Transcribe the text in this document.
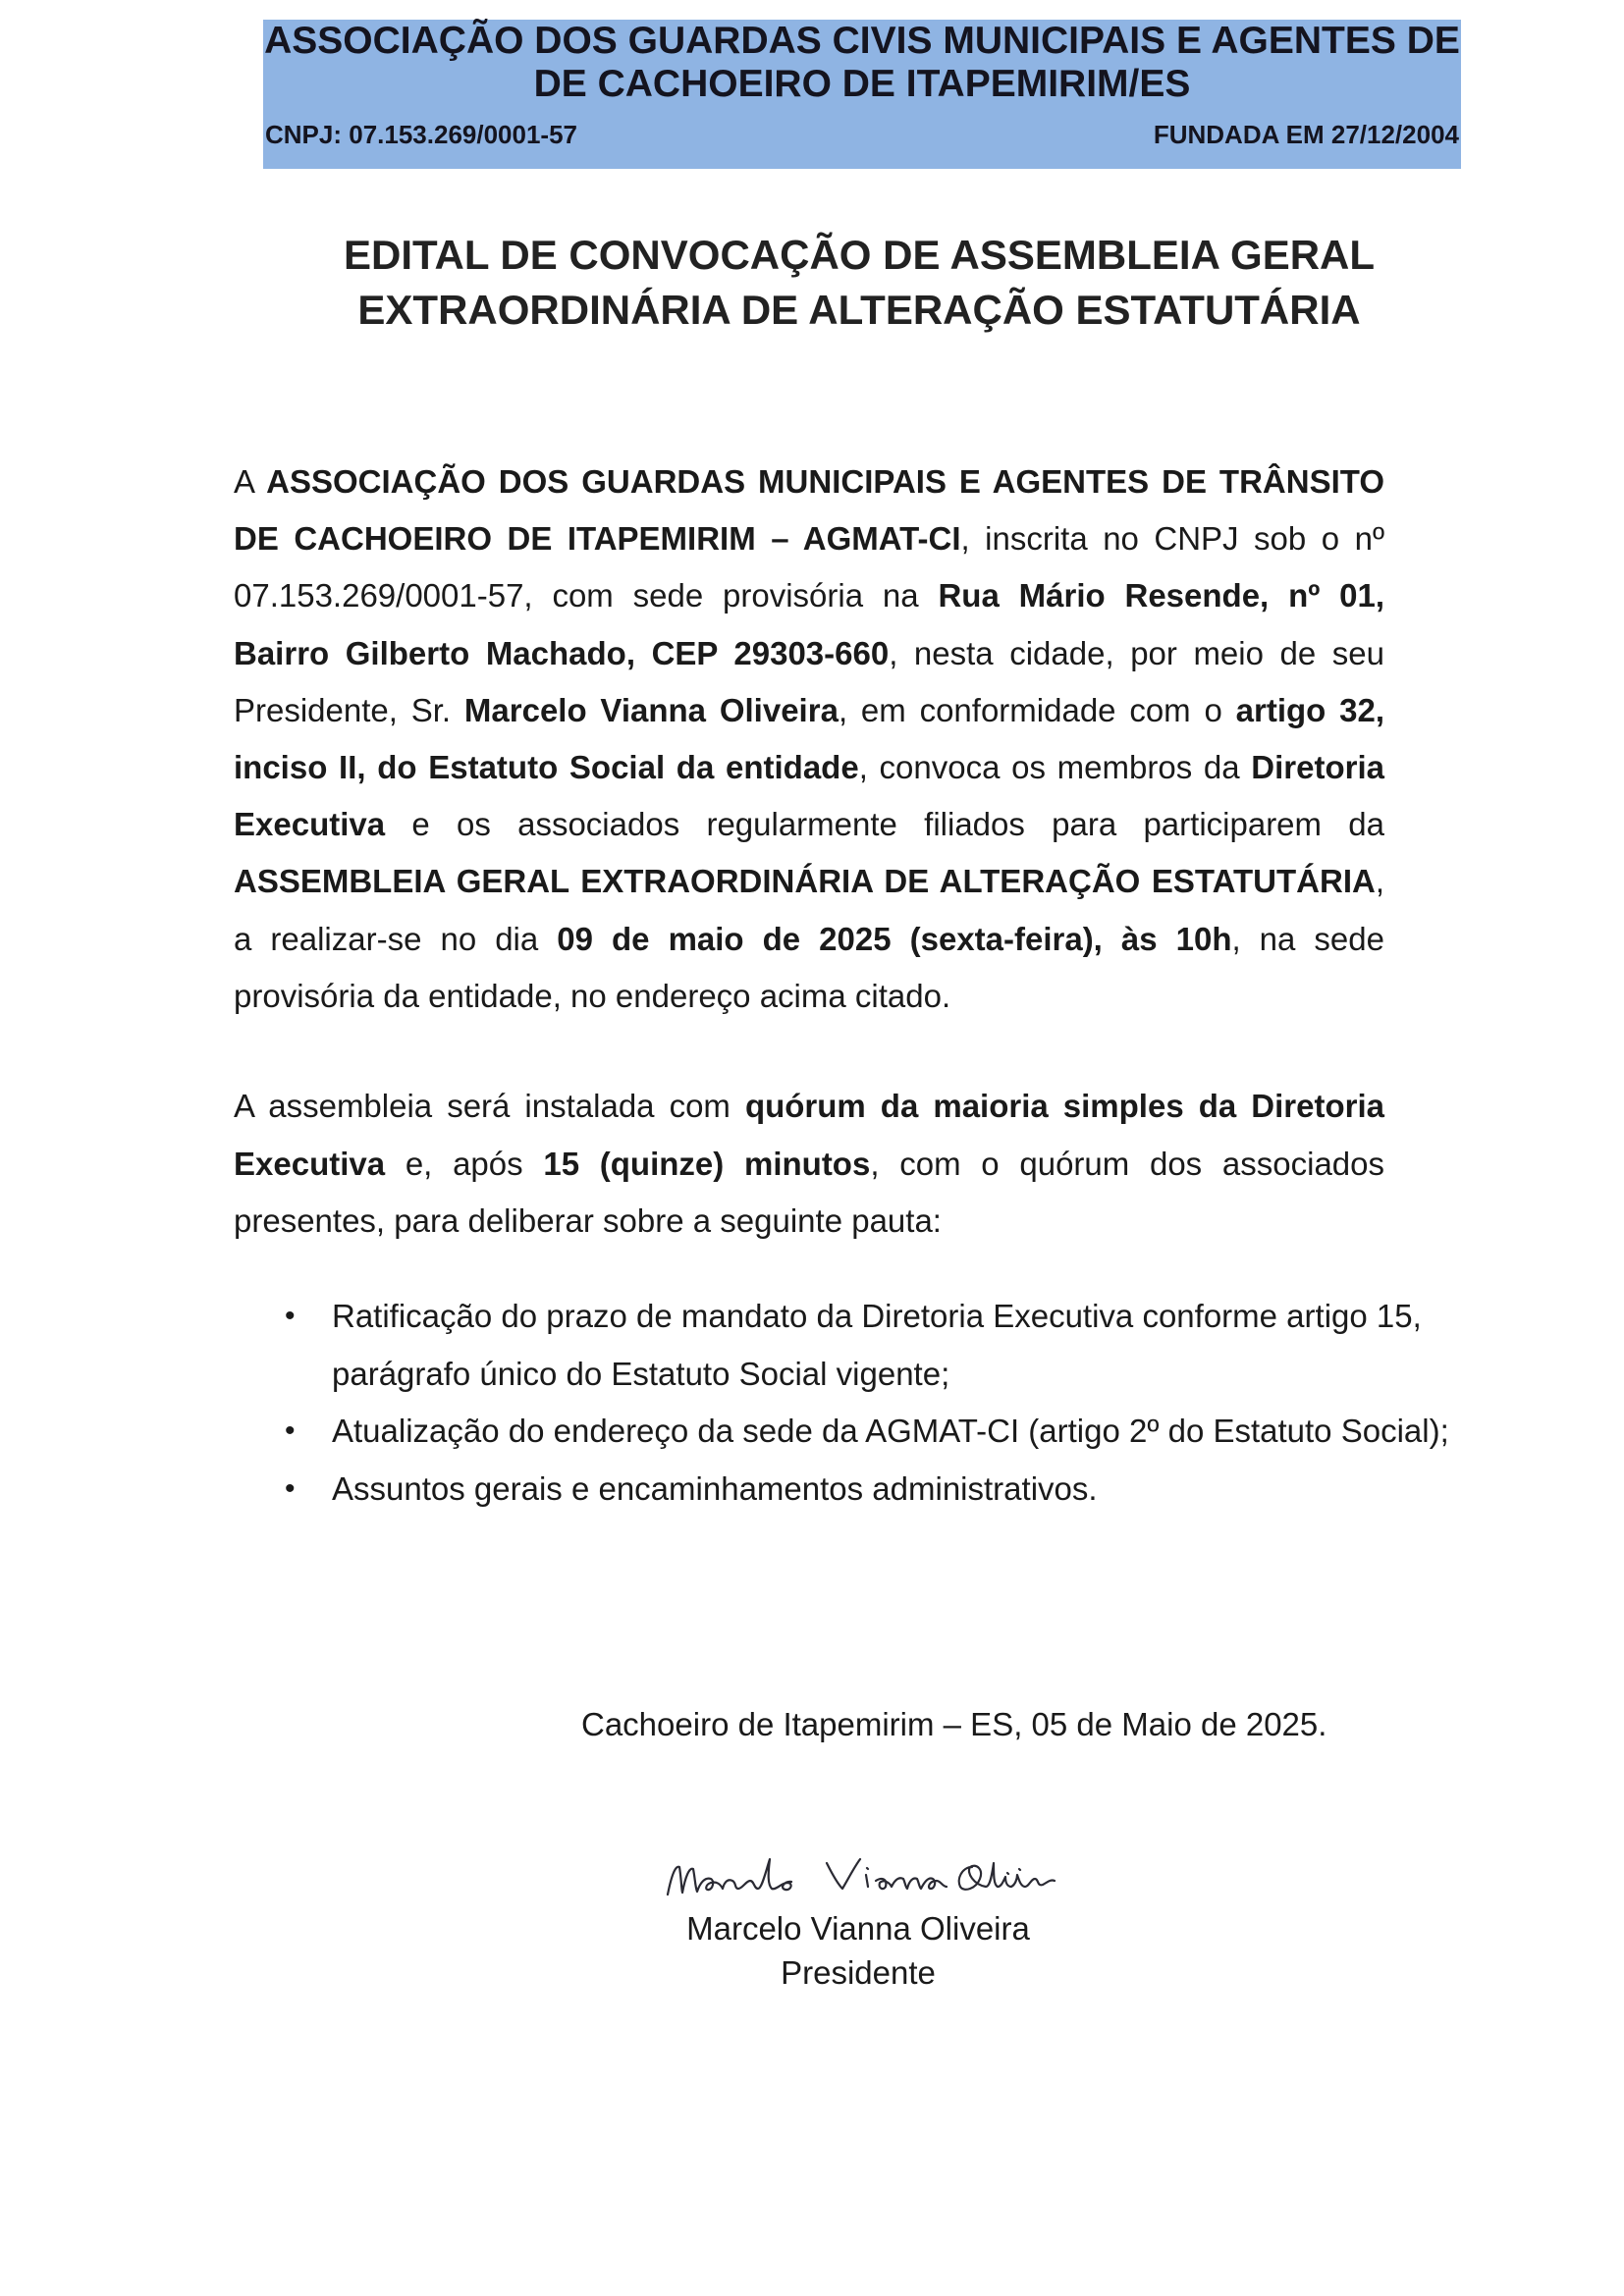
ASSOCIAÇÃO DOS GUARDAS CIVIS MUNICIPAIS E AGENTES DE DE CACHOEIRO DE ITAPEMIRIM/ES
CNPJ: 07.153.269/0001-57	FUNDADA EM 27/12/2004
EDITAL DE CONVOCAÇÃO DE ASSEMBLEIA GERAL
EXTRAORDINÁRIA DE ALTERAÇÃO ESTATUTÁRIA
A ASSOCIAÇÃO DOS GUARDAS MUNICIPAIS E AGENTES DE TRÂNSITO DE CACHOEIRO DE ITAPEMIRIM – AGMAT-CI, inscrita no CNPJ sob o nº 07.153.269/0001-57, com sede provisória na Rua Mário Resende, nº 01, Bairro Gilberto Machado, CEP 29303-660, nesta cidade, por meio de seu Presidente, Sr. Marcelo Vianna Oliveira, em conformidade com o artigo 32, inciso II, do Estatuto Social da entidade, convoca os membros da Diretoria Executiva e os associados regularmente filiados para participarem da ASSEMBLEIA GERAL EXTRAORDINÁRIA DE ALTERAÇÃO ESTATUTÁRIA, a realizar-se no dia 09 de maio de 2025 (sexta-feira), às 10h, na sede provisória da entidade, no endereço acima citado.
A assembleia será instalada com quórum da maioria simples da Diretoria Executiva e, após 15 (quinze) minutos, com o quórum dos associados presentes, para deliberar sobre a seguinte pauta:
• Ratificação do prazo de mandato da Diretoria Executiva conforme artigo 15,
parágrafo único do Estatuto Social vigente;
• Atualização do endereço da sede da AGMAT-CI (artigo 2º do Estatuto Social);
• Assuntos gerais e encaminhamentos administrativos.
Cachoeiro de Itapemirim – ES, 05 de Maio de 2025.
Marcelo Vianna Oliveira
Presidente
